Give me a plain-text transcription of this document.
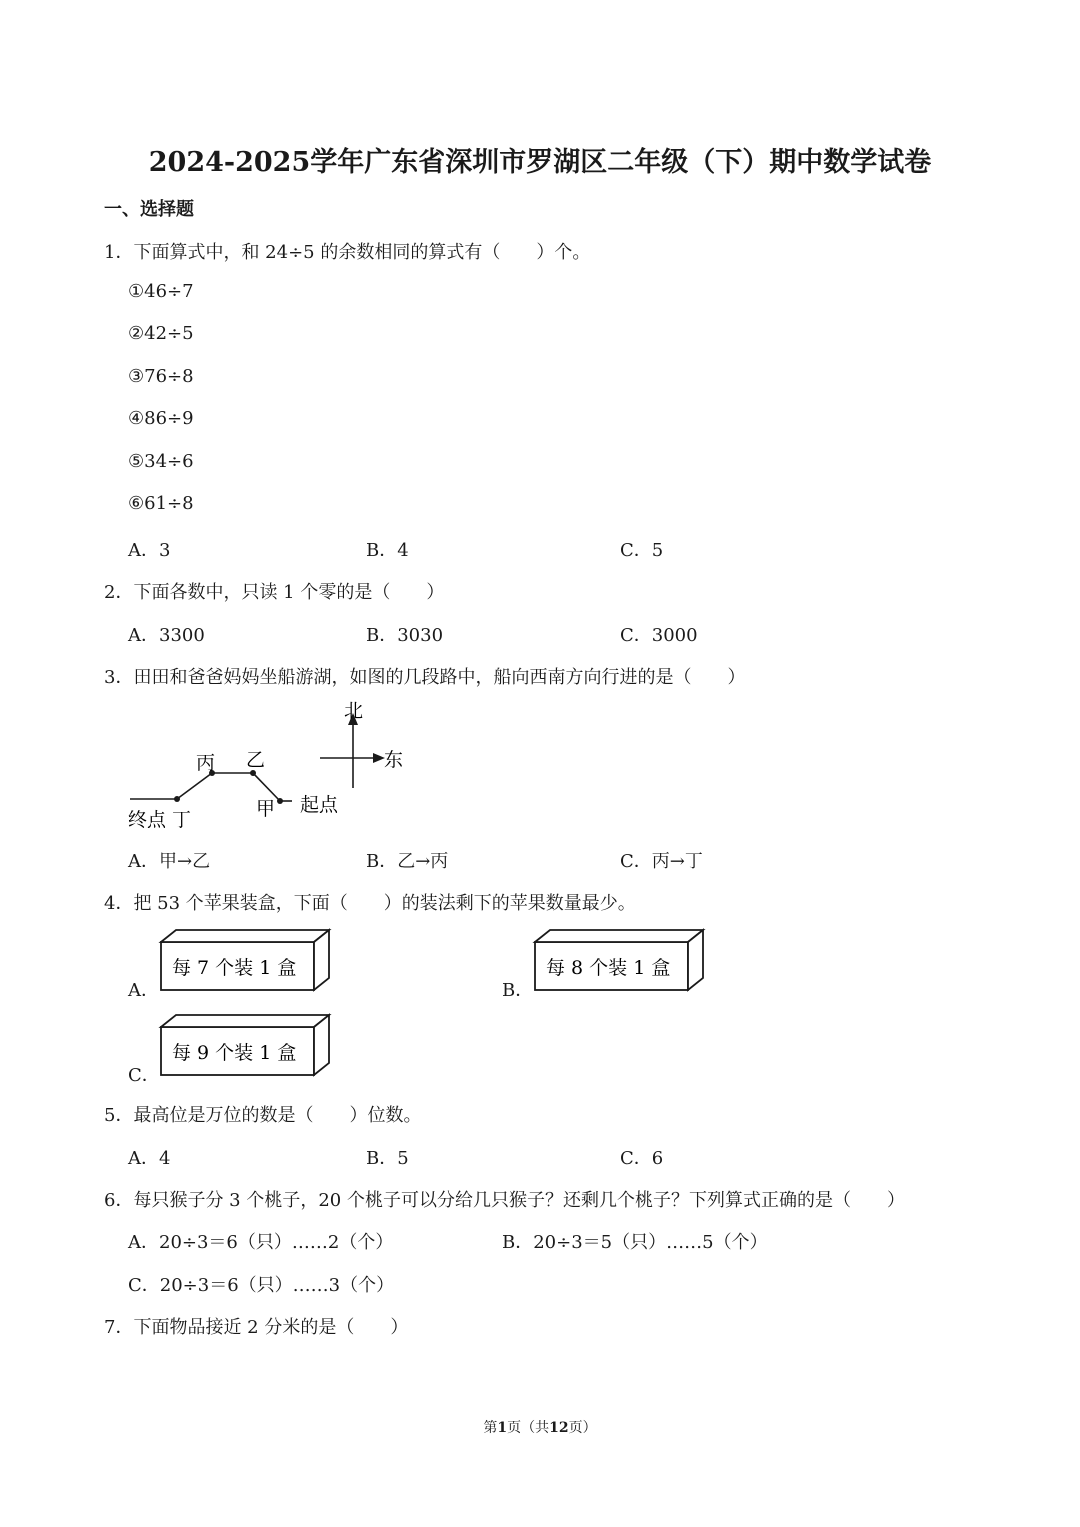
2024-2025学年广东省深圳市罗湖区二年级（下）期中数学试卷
一、选择题
1．下面算式中，和 24÷5 的余数相同的算式有（　　）个。
①46÷7
②42÷5
③76÷8
④86÷9
⑤34÷6
⑥61÷8
A．3	B．4	C．5
2．下面各数中，只读 1 个零的是（　　）
A．3300	B．3030	C．3000
3．田田和爸爸妈妈坐船游湖，如图的几段路中，船向西南方向行进的是（　　）
北
东
丙 乙
甲 起点
终点 丁
A．甲→乙	B．乙→丙	C．丙→丁
4．把 53 个苹果装盒，下面（　　）的装法剩下的苹果数量最少。
A．
每 7 个装 1 盒
B．
每 8 个装 1 盒
C．
每 9 个装 1 盒
5．最高位是万位的数是（　　）位数。
A．4	B．5	C．6
6．每只猴子分 3 个桃子，20 个桃子可以分给几只猴子？还剩几个桃子？下列算式正确的是（　　）
A．20÷3＝6（只）……2（个）	B．20÷3＝5（只）……5（个）
C．20÷3＝6（只）……3（个）
7．下面物品接近 2 分米的是（　　）
第1页（共12页）
